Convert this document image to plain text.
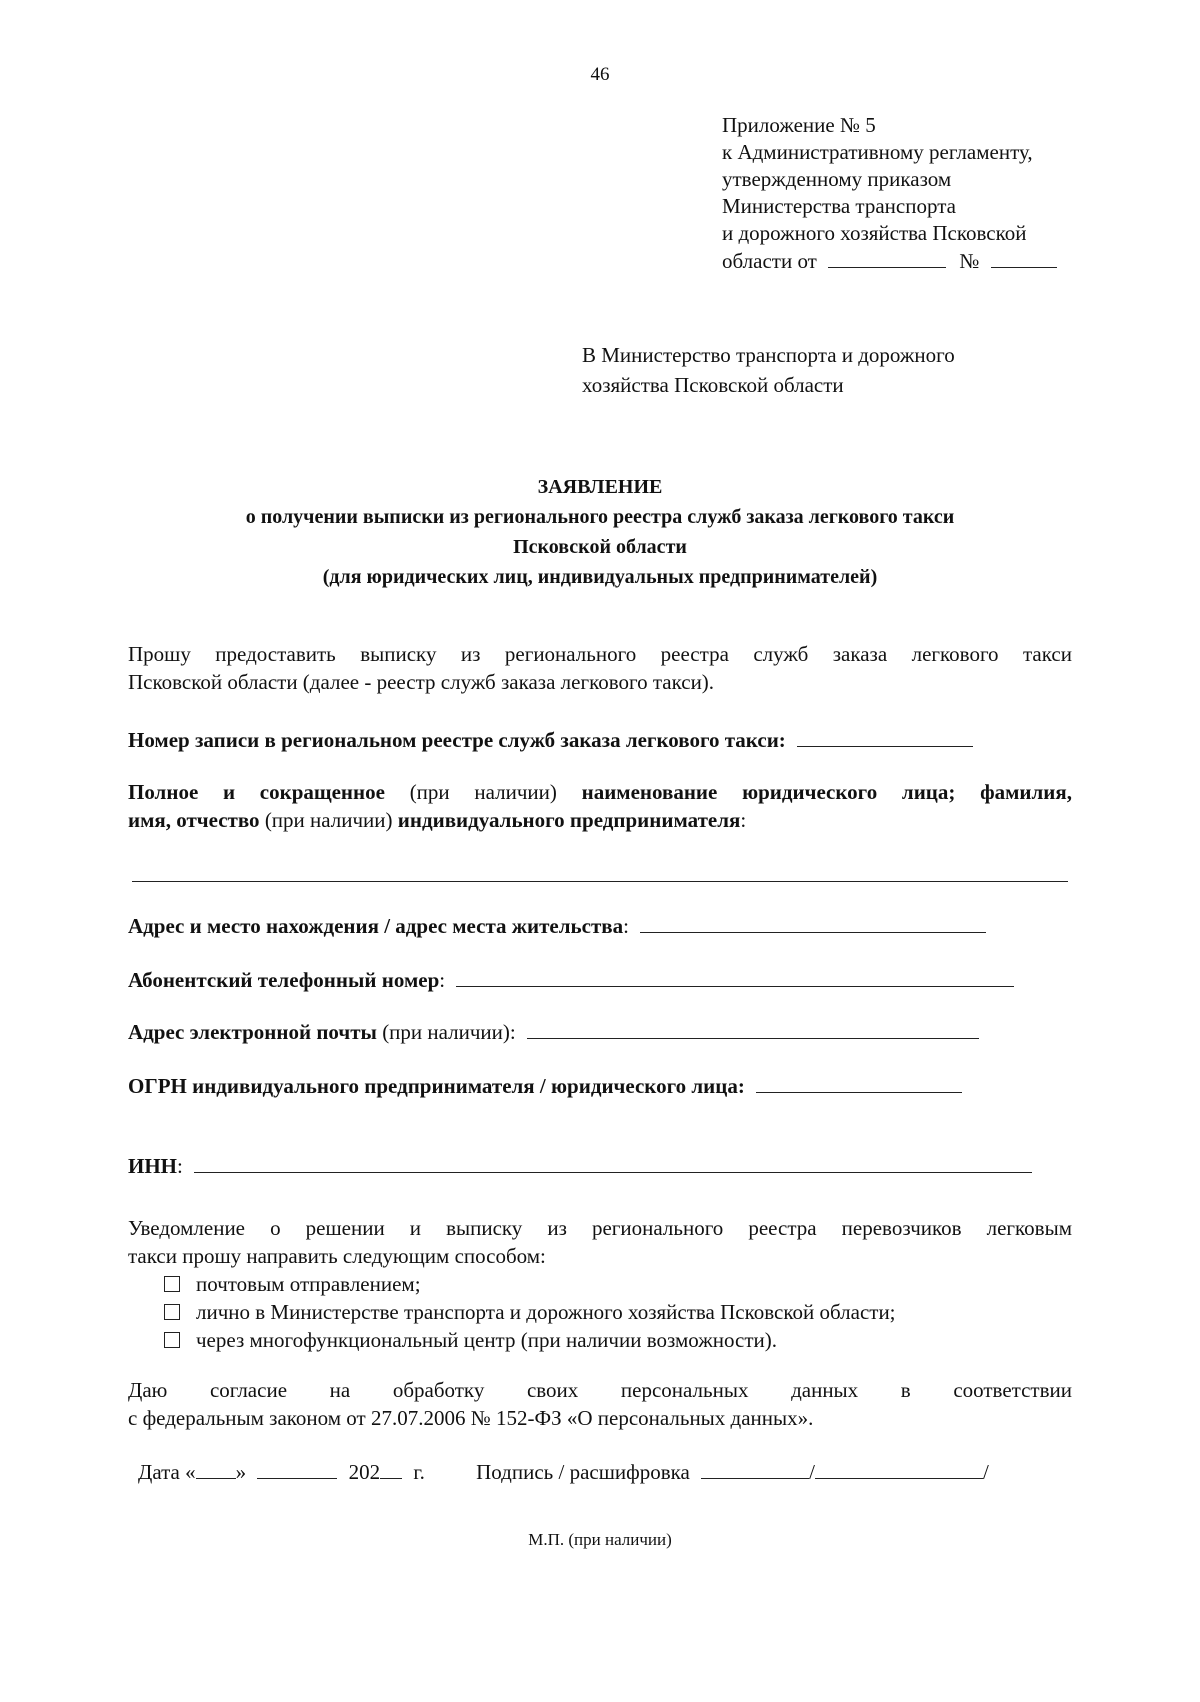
46
Приложение № 5
к Административному регламенту,
утвержденному приказом
Министерства транспорта
и дорожного хозяйства Псковской
области от	№
В Министерство транспорта и дорожного
хозяйства Псковской области
ЗАЯВЛЕНИЕ
о получении выписки из регионального реестра служб заказа легкового такси
Псковской области
(для юридических лиц, индивидуальных предпринимателей)
Прошу предоставить выписку из регионального реестра служб заказа легкового такси
Псковской области (далее - реестр служб заказа легкового такси).
Номер записи в региональном реестре служб заказа легкового такси:
Полное и сокращенное (при наличии) наименование юридического лица; фамилия,
имя, отчество (при наличии) индивидуального предпринимателя:
Адрес и место нахождения / адрес места жительства:
Абонентский телефонный номер:
Адрес электронной почты (при наличии):
ОГРН индивидуального предпринимателя / юридического лица:
ИНН:
Уведомление о решении и выписку из регионального реестра перевозчиков легковым
такси прошу направить следующим способом:
почтовым отправлением;
лично в Министерстве транспорта и дорожного хозяйства Псковской области;
через многофункциональный центр (при наличии возможности).
Даю согласие на обработку своих персональных данных в соответствии
с федеральным законом от 27.07.2006 № 152-ФЗ «О персональных данных».
Дата « »	202 г. Подпись / расшифровка	/	/
М.П. (при наличии)
